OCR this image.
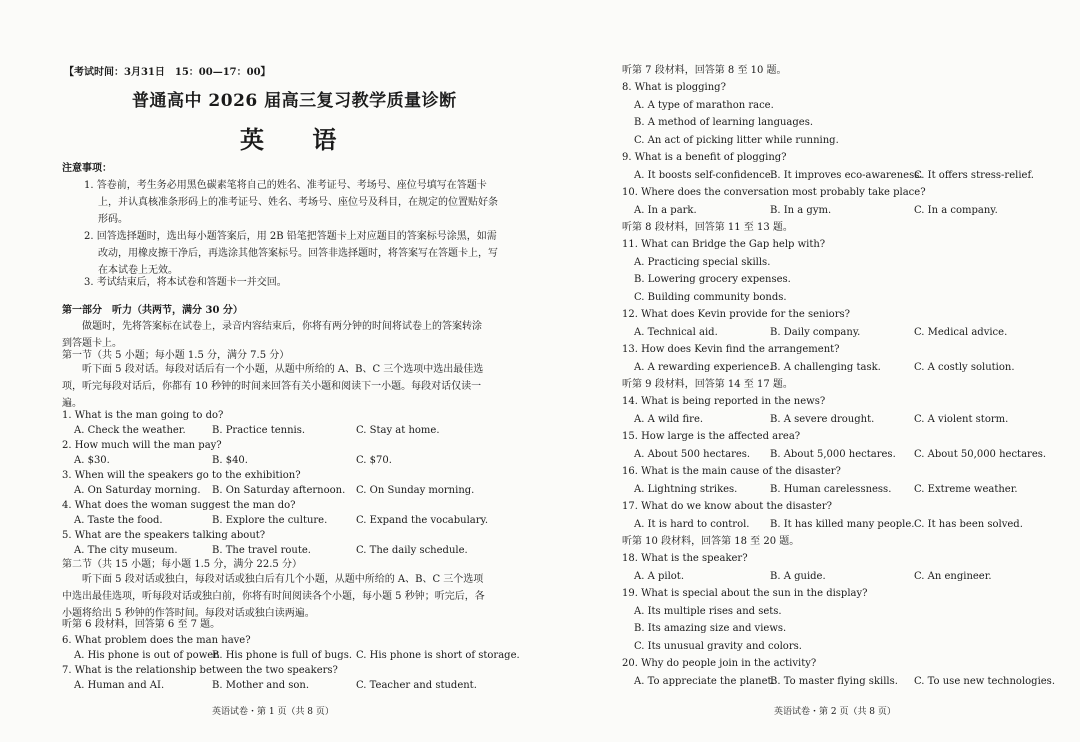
【考试时间：3月31日　15：00—17：00】
普通高中 2026 届高三复习教学质量诊断
英 语
注意事项：
1. 答卷前，考生务必用黑色碳素笔将自己的姓名、准考证号、考场号、座位号填写在答题卡上，并认真核准条形码上的准考证号、姓名、考场号、座位号及科目，在规定的位置贴好条形码。
2. 回答选择题时，选出每小题答案后，用 2B 铅笔把答题卡上对应题目的答案标号涂黑，如需改动，用橡皮擦干净后，再选涂其他答案标号。回答非选择题时，将答案写在答题卡上，写在本试卷上无效。
3. 考试结束后，将本试卷和答题卡一并交回。
第一部分　听力（共两节，满分 30 分）
做题时，先将答案标在试卷上，录音内容结束后，你将有两分钟的时间将试卷上的答案转涂到答题卡上。
第一节（共 5 小题；每小题 1.5 分，满分 7.5 分）
听下面 5 段对话。每段对话后有一个小题，从题中所给的 A、B、C 三个选项中选出最佳选项，听完每段对话后，你都有 10 秒钟的时间来回答有关小题和阅读下一小题。每段对话仅读一遍。
1. What is the man going to do?
A. Check the weather.	B. Practice tennis.	C. Stay at home.
2. How much will the man pay?
A. $30.	B. $40.	C. $70.
3. When will the speakers go to the exhibition?
A. On Saturday morning. B. On Saturday afternoon. C. On Sunday morning.
4. What does the woman suggest the man do?
A. Taste the food.	B. Explore the culture.	C. Expand the vocabulary.
5. What are the speakers talking about?
A. The city museum.	B. The travel route.	C. The daily schedule.
第二节（共 15 小题；每小题 1.5 分，满分 22.5 分）
听下面 5 段对话或独白，每段对话或独白后有几个小题，从题中所给的 A、B、C 三个选项中选出最佳选项，听每段对话或独白前，你将有时间阅读各个小题，每小题 5 秒钟；听完后，各小题将给出 5 秒钟的作答时间。每段对话或独白读两遍。
听第 6 段材料，回答第 6 至 7 题。
6. What problem does the man have?
A. His phone is out of power.
B. His phone is full of bugs. C. His phone is short of storage.
7. What is the relationship between the two speakers?
A. Human and AI.	B. Mother and son.	C. Teacher and student.
英语试卷・第 1 页（共 8 页）
听第 7 段材料，回答第 8 至 10 题。
8. What is plogging?
A. A type of marathon race.
B. A method of learning languages.
C. An act of picking litter while running.
9. What is a benefit of plogging?
A. It boosts self-confidence.
B. It improves eco-awareness.
C. It offers stress-relief.
10. Where does the conversation most probably take place?
A. In a park.	B. In a gym.	C. In a company.
听第 8 段材料，回答第 11 至 13 题。
11. What can Bridge the Gap help with?
A. Practicing special skills.
B. Lowering grocery expenses.
C. Building community bonds.
12. What does Kevin provide for the seniors?
A. Technical aid.	B. Daily company.	C. Medical advice.
13. How does Kevin find the arrangement?
A. A rewarding experience.
B. A challenging task.	C. A costly solution.
听第 9 段材料，回答第 14 至 17 题。
14. What is being reported in the news?
A. A wild fire.	B. A severe drought.	C. A violent storm.
15. How large is the affected area?
A. About 500 hectares. B. About 5,000 hectares. C. About 50,000 hectares.
16. What is the main cause of the disaster?
A. Lightning strikes.	B. Human carelessness. C. Extreme weather.
17. What do we know about the disaster?
A. It is hard to control. B. It has killed many people. C. It has been solved.
听第 10 段材料，回答第 18 至 20 题。
18. What is the speaker?
A. A pilot.	B. A guide.	C. An engineer.
19. What is special about the sun in the display?
A. Its multiple rises and sets.
B. Its amazing size and views.
C. Its unusual gravity and colors.
20. Why do people join in the activity?
A. To appreciate the planet.
B. To master flying skills. C. To use new technologies.
英语试卷・第 2 页（共 8 页）
